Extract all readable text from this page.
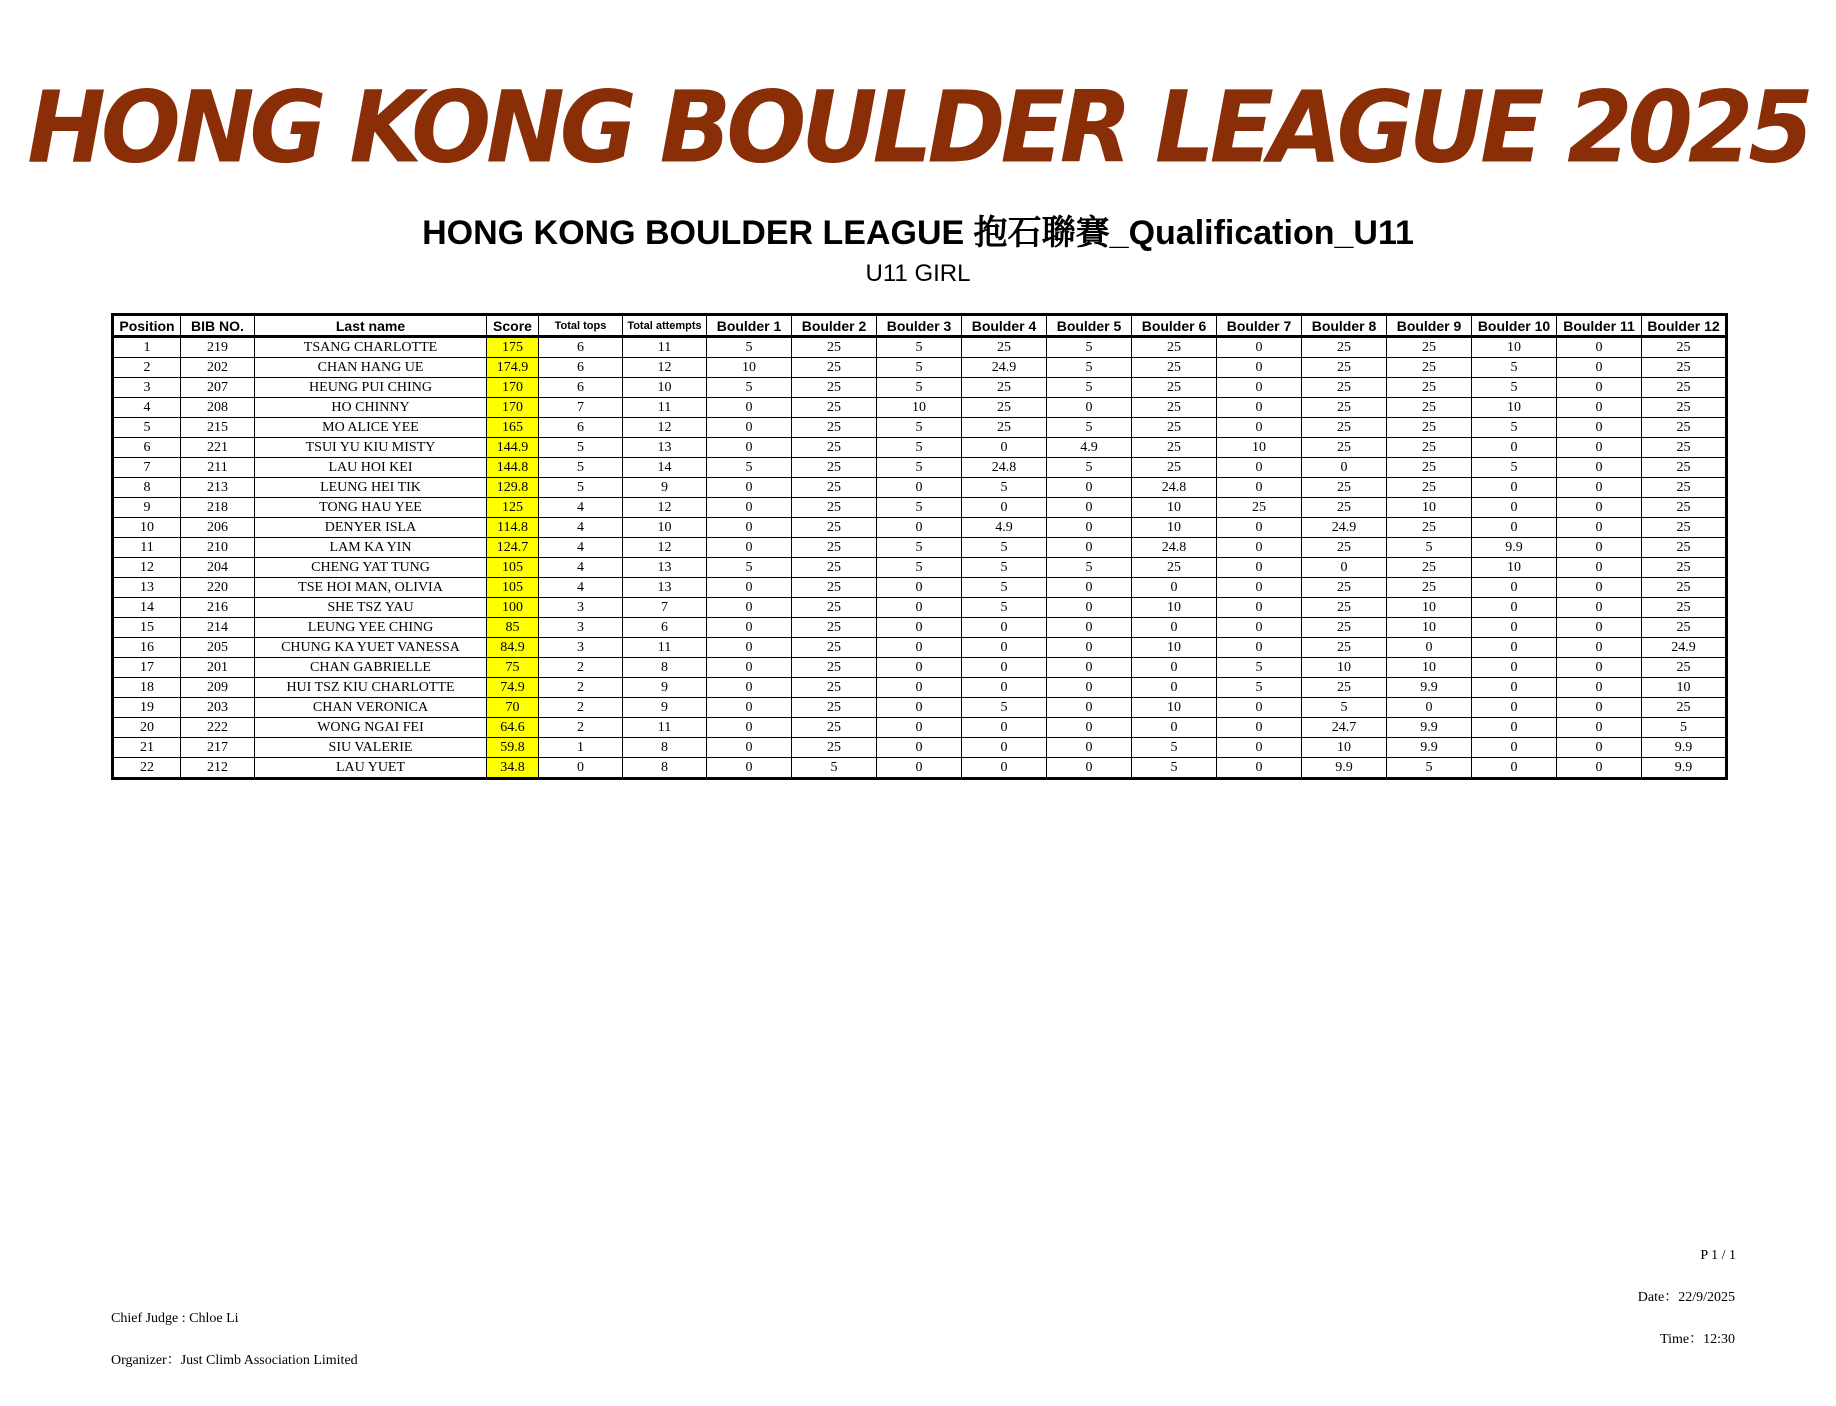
HONG KONG BOULDER LEAGUE 2025
HONG KONG BOULDER LEAGUE 抱石聯賽_Qualification_U11
U11 GIRL
Position	BIB NO.	Last name	Score	Total tops	Total attempts	Boulder 1	Boulder 2	Boulder 3	Boulder 4	Boulder 5	Boulder 6	Boulder 7	Boulder 8	Boulder 9	Boulder 10	Boulder 11	Boulder 12
1	219	TSANG CHARLOTTE	175	6	11	5	25	5	25	5	25	0	25	25	10	0	25
2	202	CHAN HANG UE	174.9	6	12	10	25	5	24.9	5	25	0	25	25	5	0	25
3	207	HEUNG PUI CHING	170	6	10	5	25	5	25	5	25	0	25	25	5	0	25
4	208	HO CHINNY	170	7	11	0	25	10	25	0	25	0	25	25	10	0	25
5	215	MO ALICE YEE	165	6	12	0	25	5	25	5	25	0	25	25	5	0	25
6	221	TSUI YU KIU MISTY	144.9	5	13	0	25	5	0	4.9	25	10	25	25	0	0	25
7	211	LAU HOI KEI	144.8	5	14	5	25	5	24.8	5	25	0	0	25	5	0	25
8	213	LEUNG HEI TIK	129.8	5	9	0	25	0	5	0	24.8	0	25	25	0	0	25
9	218	TONG HAU YEE	125	4	12	0	25	5	0	0	10	25	25	10	0	0	25
10	206	DENYER ISLA	114.8	4	10	0	25	0	4.9	0	10	0	24.9	25	0	0	25
11	210	LAM KA YIN	124.7	4	12	0	25	5	5	0	24.8	0	25	5	9.9	0	25
12	204	CHENG YAT TUNG	105	4	13	5	25	5	5	5	25	0	0	25	10	0	25
13	220	TSE HOI MAN, OLIVIA	105	4	13	0	25	0	5	0	0	0	25	25	0	0	25
14	216	SHE TSZ YAU	100	3	7	0	25	0	5	0	10	0	25	10	0	0	25
15	214	LEUNG YEE CHING	85	3	6	0	25	0	0	0	0	0	25	10	0	0	25
16	205	CHUNG KA YUET VANESSA	84.9	3	11	0	25	0	0	0	10	0	25	0	0	0	24.9
17	201	CHAN GABRIELLE	75	2	8	0	25	0	0	0	0	5	10	10	0	0	25
18	209	HUI TSZ KIU CHARLOTTE	74.9	2	9	0	25	0	0	0	0	5	25	9.9	0	0	10
19	203	CHAN VERONICA	70	2	9	0	25	0	5	0	10	0	5	0	0	0	25
20	222	WONG NGAI FEI	64.6	2	11	0	25	0	0	0	0	0	24.7	9.9	0	0	5
21	217	SIU VALERIE	59.8	1	8	0	25	0	0	0	5	0	10	9.9	0	0	9.9
22	212	LAU YUET	34.8	0	8	0	5	0	0	0	5	0	9.9	5	0	0	9.9
P 1 / 1
Date：22/9/2025
Time：12:30
Chief Judge : Chloe Li
Organizer：Just Climb Association Limited
